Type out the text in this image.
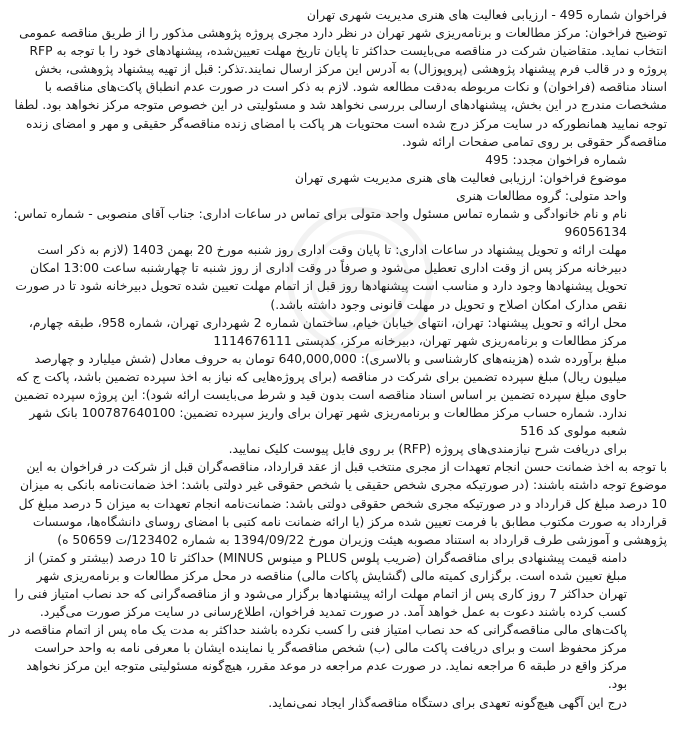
فراخوان شماره 495 - ارزیابی فعالیت های هنری مدیریت شهری تهران

توضیح فراخوان: مرکز مطالعات و برنامه‌ریزی شهر تهران در نظر دارد مجری پروژه پژوهشی مذکور را از طریق مناقصه عمومی انتخاب نماید. متقاضیان شرکت در مناقصه می‌بایست حداکثر تا پایان تاریخ مهلت تعیین‌شده، پیشنهادهای خود را با توجه به RFP پروژه و در قالب فرم پیشنهاد پژوهشی (پروپوزال) به آدرس این مرکز ارسال نمایند.تذکر: قبل از تهیه پیشنهاد پژوهشی، بخش اسناد مناقصه (فراخوان) و نکات مربوطه به‌دقت مطالعه شود. لازم به ذکر است در صورت عدم انطباق پاکت‌های مناقصه با مشخصات مندرج در این بخش، پیشنهادهای ارسالی بررسی نخواهد شد و مسئولیتی در این خصوص متوجه مرکز نخواهد بود. لطفا توجه نمایید همانطورکه در سایت مرکز درج شده است محتویات هر پاکت با امضای زنده مناقصه‌گر حقیقی و مهر و امضای زنده مناقصه‌گر حقوقی بر روی تمامی صفحات ارائه شود.

شماره فراخوان مجدد: 495

موضوع فراخوان: ارزیابی فعالیت های هنری مدیریت شهری تهران

واحد متولی: گروه مطالعات هنری

نام و نام خانوادگی و شماره تماس مسئول واحد متولی برای تماس در ساعات اداری: جناب آقای منصوبی - شماره تماس: 96056134

مهلت ارائه و تحویل پیشنهاد در ساعات اداری: تا پایان وقت اداری روز شنبه مورخ 20 بهمن 1403 (لازم به ذکر است دبیرخانه مرکز پس از وقت اداری تعطیل می‌شود و صرفاً در وقت اداری از روز شنبه تا چهارشنبه ساعت 13:00 امکان تحویل پیشنهادها وجود دارد و مناسب است پیشنهادها روز قبل از اتمام مهلت تعیین شده تحویل دبیرخانه شود تا در صورت نقص مدارک امکان اصلاح و تحویل در مهلت قانونی وجود داشته باشد.)

محل ارائه و تحویل پیشنهاد: تهران، انتهای خیابان خیام، ساختمان شماره 2 شهرداری تهران، شماره 958، طبقه چهارم، مرکز مطالعات و برنامه‌ریزی شهر تهران، دبیرخانه مرکز، کدپستی 1114676111

مبلغ برآورده شده (هزینه‌های کارشناسی و بالاسری): 640,000,000 تومان به حروف معادل (شش میلیارد و چهارصد میلیون ریال) مبلغ سپرده تضمین برای شرکت در مناقصه (برای پروژه‌هایی که نیاز به اخذ سپرده تضمین باشد، پاکت ج که حاوی مبلغ سپرده تضمین بر اساس اسناد مناقصه است بدون قید و شرط می‌بایست ارائه شود): این پروژه سپرده تضمین ندارد. شماره حساب مرکز مطالعات و برنامه‌ریزی شهر تهران برای واریز سپرده تضمین: 100787640100 بانک شهر شعبه مولوی کد 516

برای دریافت شرح نیازمندی‌های پروژه (RFP) بر روی فایل پیوست کلیک نمایید.

با توجه به اخذ ضمانت حسن انجام تعهدات از مجری منتخب قبل از عقد قرارداد، مناقصه‌گران قبل از شرکت در فراخوان به این موضوع توجه داشته باشند: (در صورتیکه مجری شخص حقیقی یا شخص حقوقی غیر دولتی باشد: اخذ ضمانت‌نامه بانکی به میزان 10 درصد مبلغ کل قرارداد و در صورتیکه مجری شخص حقوقی دولتی باشد: ضمانت‌نامه انجام تعهدات به میزان 5 درصد مبلغ کل قرارداد به صورت مکتوب مطابق با فرمت تعیین شده مرکز (یا ارائه ضمانت نامه کتبی با امضای روسای دانشگاه‌ها، موسسات پژوهشی و آموزشی طرف قرارداد به استناد مصوبه هیئت وزیران مورخ 1394/09/22 به شماره 123402/ت 50659 ه)

دامنه قیمت پیشنهادی برای مناقصه‌گران (ضریب پلوس PLUS و مینوس MINUS) حداکثر تا 10 درصد (بیشتر و کمتر) از مبلغ تعیین شده است. برگزاری کمیته مالی (گشایش پاکات مالی) مناقصه در محل مرکز مطالعات و برنامه‌ریزی شهر تهران حداکثر 7 روز کاری پس از اتمام مهلت ارائه پیشنهادها برگزار می‌شود و از مناقصه‌گرانی که حد نصاب امتیاز فنی را کسب کرده باشند دعوت به عمل خواهد آمد. در صورت تمدید فراخوان، اطلاع‌رسانی در سایت مرکز صورت می‌گیرد. پاکت‌های مالی مناقصه‌گرانی که حد نصاب امتیاز فنی را کسب نکرده باشند حداکثر به مدت یک ماه پس از اتمام مناقصه در مرکز محفوظ است و برای دریافت پاکت مالی (ب) شخص مناقصه‌گر یا نماینده ایشان با معرفی نامه به واحد حراست مرکز واقع در طبقه 6 مراجعه نماید. در صورت عدم مراجعه در موعد مقرر، هیچ‌گونه مسئولیتی متوجه این مرکز نخواهد بود.

درج این آگهی هیچ‌گونه تعهدی برای دستگاه مناقصه‌گذار ایجاد نمی‌نماید.
